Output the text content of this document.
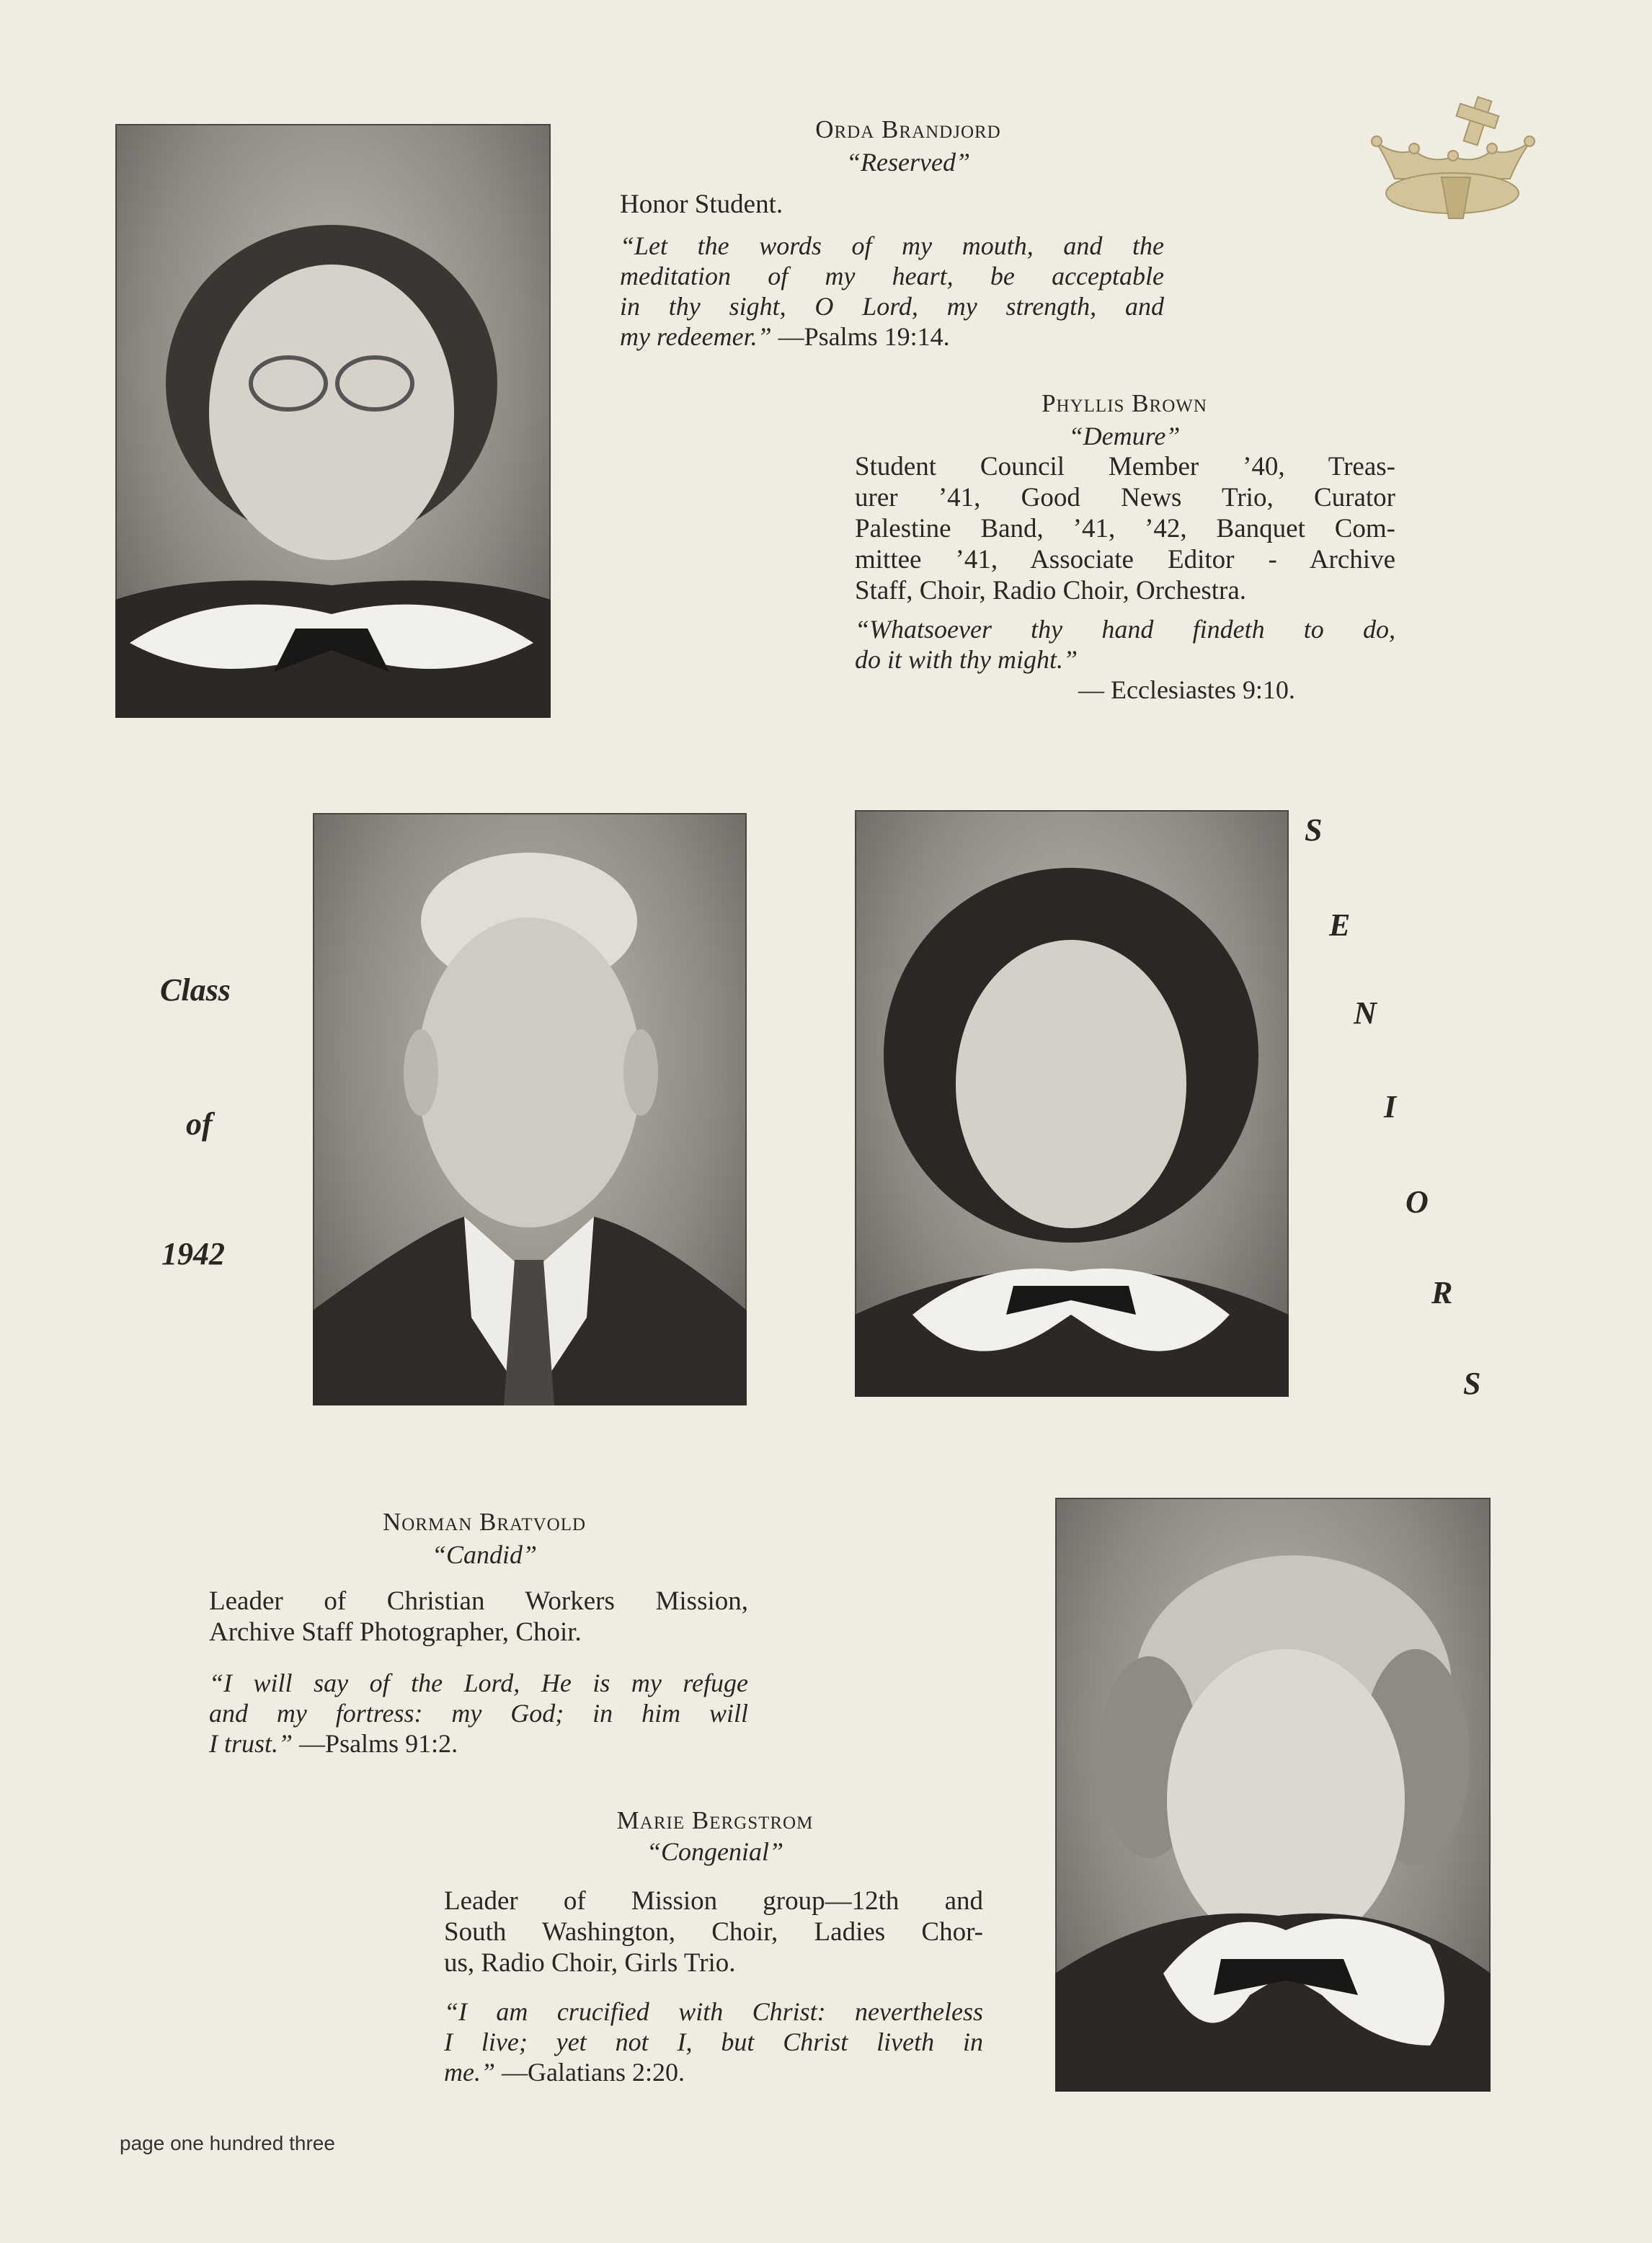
Orda Brandjord
“Reserved”
Honor Student.
“Let the words of my mouth, and the
meditation of my heart, be acceptable
in thy sight, O Lord, my strength, and
my redeemer.” —Psalms 19:14.
Phyllis Brown
“Demure”
Student Council Member ’40, Treas-
urer ’41, Good News Trio, Curator
Palestine Band, ’41, ’42, Banquet Com-
mittee ’41, Associate Editor - Archive
Staff, Choir, Radio Choir, Orchestra.
“Whatsoever thy hand findeth to do,
do it with thy might.”
— Ecclesiastes 9:10.
Class
of
1942
S
E
N
I
O
R
S
Norman Bratvold
“Candid”
Leader of Christian Workers Mission,
Archive Staff Photographer, Choir.
“I will say of the Lord, He is my refuge
and my fortress: my God; in him will
I trust.” —Psalms 91:2.
Marie Bergstrom
“Congenial”
Leader of Mission group—12th and
South Washington, Choir, Ladies Chor-
us, Radio Choir, Girls Trio.
“I am crucified with Christ: nevertheless
I live; yet not I, but Christ liveth in
me.” —Galatians 2:20.
page one hundred three
